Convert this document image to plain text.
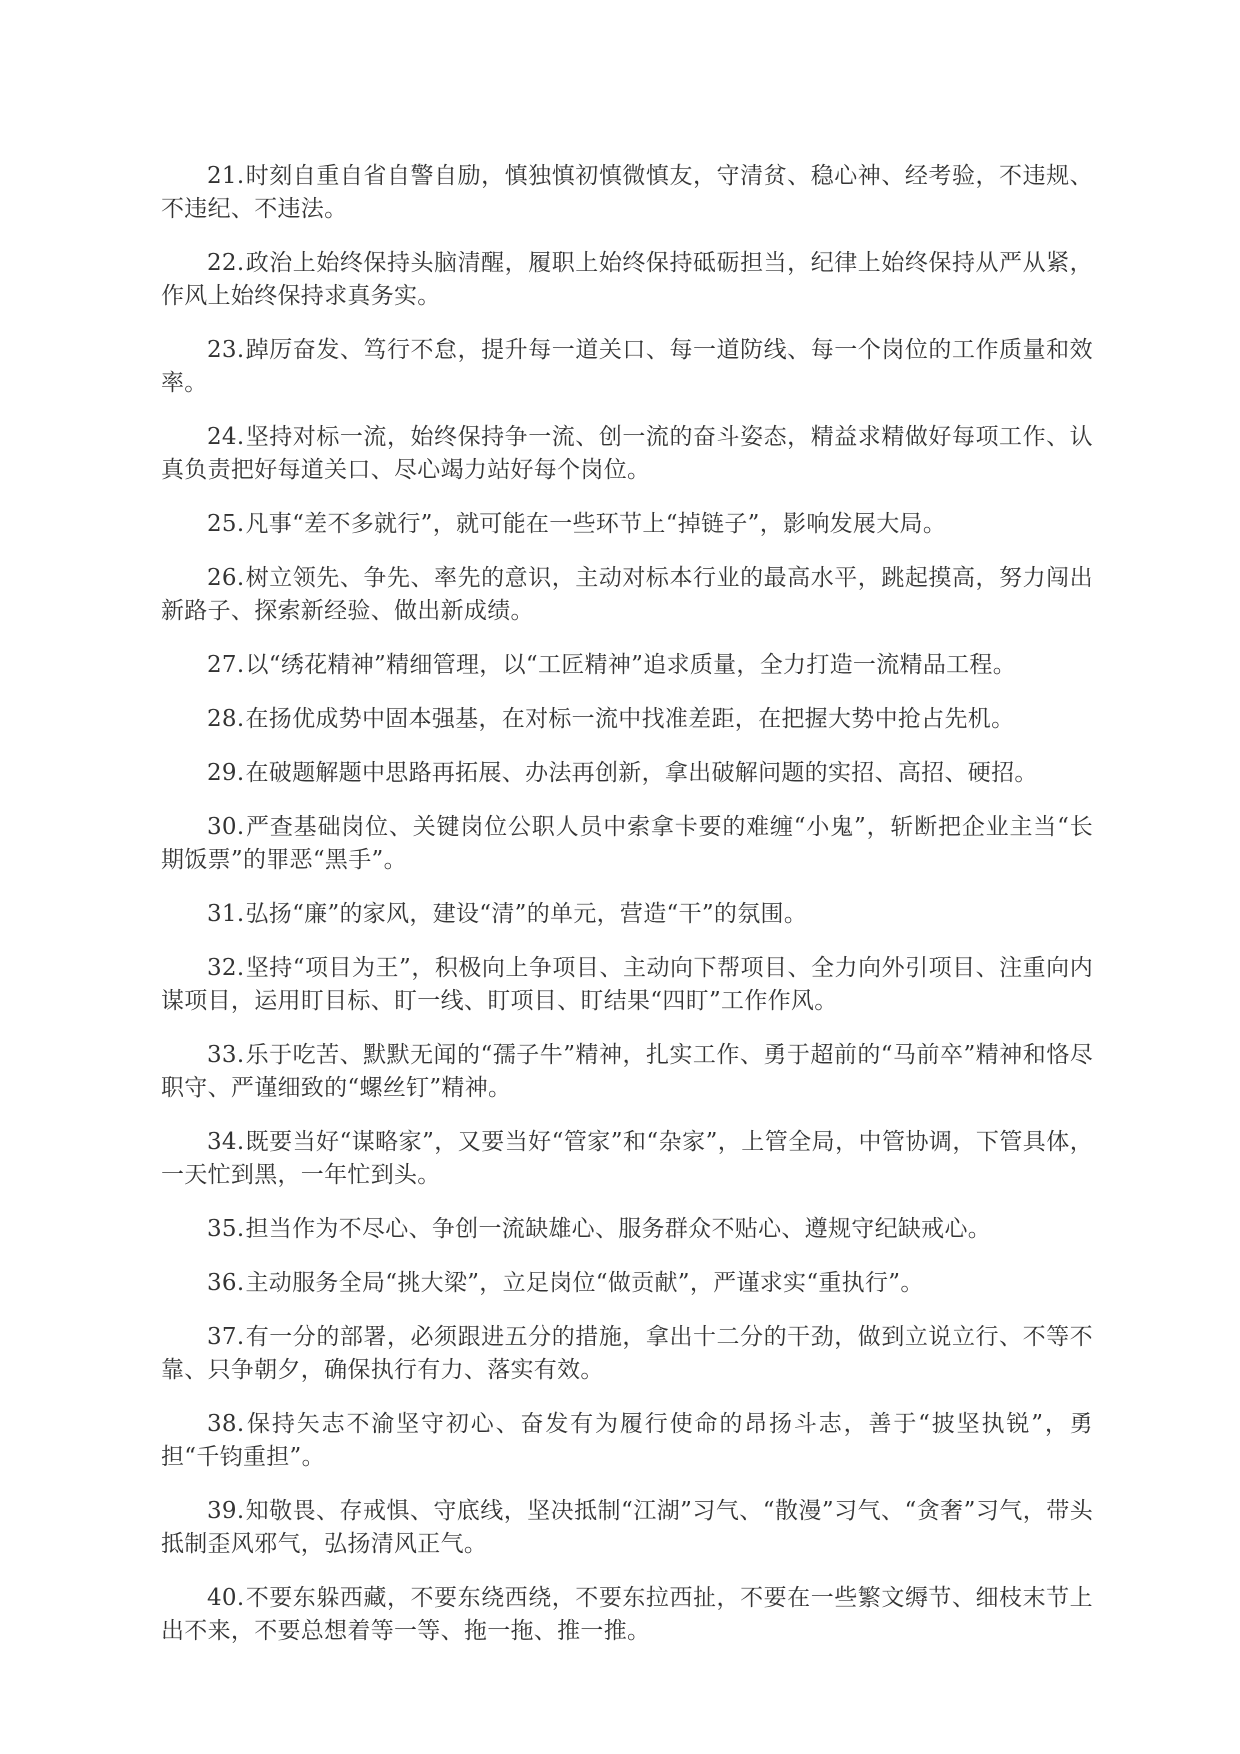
21.时刻自重自省自警自励，慎独慎初慎微慎友，守清贫、稳心神、经考验，不违规、不违纪、不违法。

22.政治上始终保持头脑清醒，履职上始终保持砥砺担当，纪律上始终保持从严从紧，作风上始终保持求真务实。

23.踔厉奋发、笃行不怠，提升每一道关口、每一道防线、每一个岗位的工作质量和效率。

24.坚持对标一流，始终保持争一流、创一流的奋斗姿态，精益求精做好每项工作、认真负责把好每道关口、尽心竭力站好每个岗位。

25.凡事“差不多就行”，就可能在一些环节上“掉链子”，影响发展大局。

26.树立领先、争先、率先的意识，主动对标本行业的最高水平，跳起摸高，努力闯出新路子、探索新经验、做出新成绩。

27.以“绣花精神”精细管理，以“工匠精神”追求质量，全力打造一流精品工程。

28.在扬优成势中固本强基，在对标一流中找准差距，在把握大势中抢占先机。

29.在破题解题中思路再拓展、办法再创新，拿出破解问题的实招、高招、硬招。

30.严查基础岗位、关键岗位公职人员中索拿卡要的难缠“小鬼”，斩断把企业主当“长期饭票”的罪恶“黑手”。

31.弘扬“廉”的家风，建设“清”的单元，营造“干”的氛围。

32.坚持“项目为王”，积极向上争项目、主动向下帮项目、全力向外引项目、注重向内谋项目，运用盯目标、盯一线、盯项目、盯结果“四盯”工作作风。

33.乐于吃苦、默默无闻的“孺子牛”精神，扎实工作、勇于超前的“马前卒”精神和恪尽职守、严谨细致的“螺丝钉”精神。

34.既要当好“谋略家”，又要当好“管家”和“杂家”，上管全局，中管协调，下管具体，一天忙到黑，一年忙到头。

35.担当作为不尽心、争创一流缺雄心、服务群众不贴心、遵规守纪缺戒心。

36.主动服务全局“挑大梁”，立足岗位“做贡献”，严谨求实“重执行”。

37.有一分的部署，必须跟进五分的措施，拿出十二分的干劲，做到立说立行、不等不靠、只争朝夕，确保执行有力、落实有效。

38.保持矢志不渝坚守初心、奋发有为履行使命的昂扬斗志，善于“披坚执锐”，勇担“千钧重担”。

39.知敬畏、存戒惧、守底线，坚决抵制“江湖”习气、“散漫”习气、“贪奢”习气，带头抵制歪风邪气，弘扬清风正气。

40.不要东躲西藏，不要东绕西绕，不要东拉西扯，不要在一些繁文缛节、细枝末节上出不来，不要总想着等一等、拖一拖、推一推。
